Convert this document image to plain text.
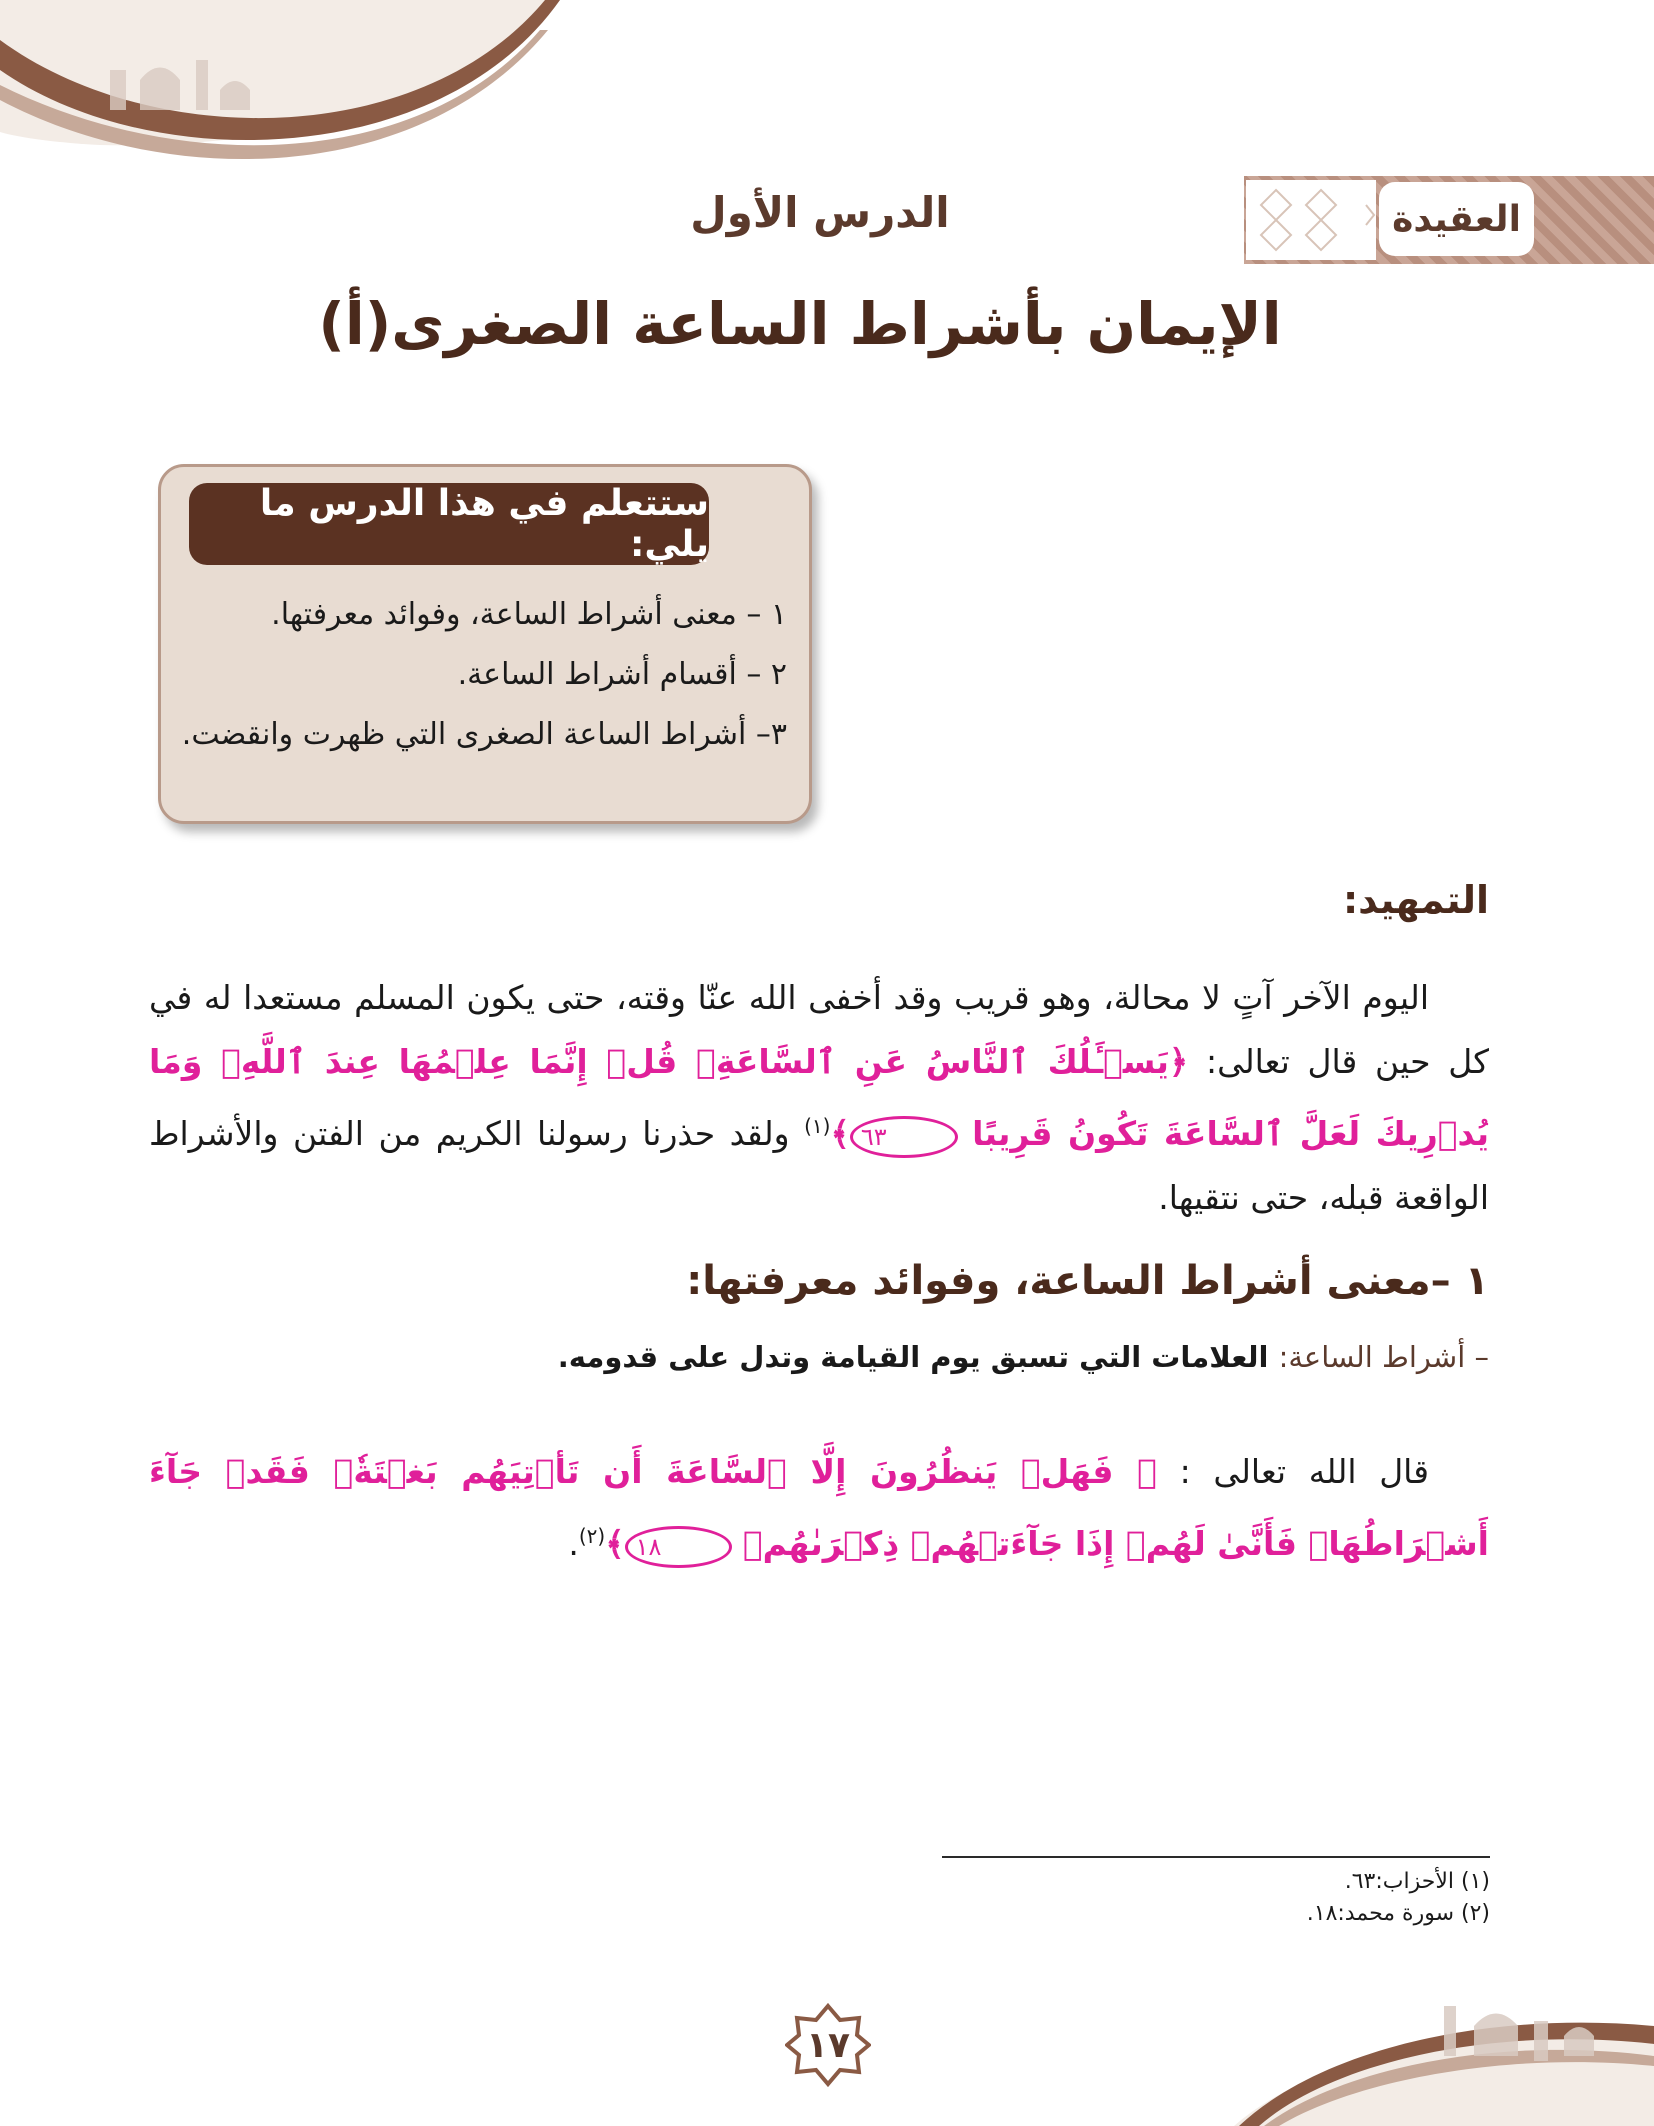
العقيدة
الدرس الأول
الإيمان بأشراط الساعة الصغرى(أ)
ستتعلم في هذا الدرس ما يلي:
١ – معنى أشراط الساعة، وفوائد معرفتها.
٢ – أقسام أشراط الساعة.
٣– أشراط الساعة الصغرى التي ظهرت وانقضت.
التمهيد:
اليوم الآخر آتٍ لا محالة، وهو قريب وقد أخفى الله عنّا وقته، حتى يكون المسلم مستعدا له في كل حين قال تعالى: ﴿يَسۡـَٔلُكَ ٱلنَّاسُ عَنِ ٱلسَّاعَةِۖ قُلۡ إِنَّمَا عِلۡمُهَا عِندَ ٱللَّهِۚ وَمَا يُدۡرِيكَ لَعَلَّ ٱلسَّاعَةَ تَكُونُ قَرِيبًا ٦٣﴾$^{(١)}$ ولقد حذرنا رسولنا الكريم من الفتن والأشراط الواقعة قبله، حتى نتقيها.
١ –معنى أشراط الساعة، وفوائد معرفتها:
– أشراط الساعة: العلامات التي تسبق يوم القيامة وتدل على قدومه.
قال الله تعالى : ﴿ فَهَلۡ يَنظُرُونَ إِلَّا ٱلسَّاعَةَ أَن تَأۡتِيَهُم بَغۡتَةٗۖ فَقَدۡ جَآءَ أَشۡرَاطُهَاۚ فَأَنَّىٰ لَهُمۡ إِذَا جَآءَتۡهُمۡ ذِكۡرَىٰهُمۡ ١٨﴾$^{(٢)}$.
(١) الأحزاب:٦٣.
(٢) سورة محمد:١٨.
١٧
